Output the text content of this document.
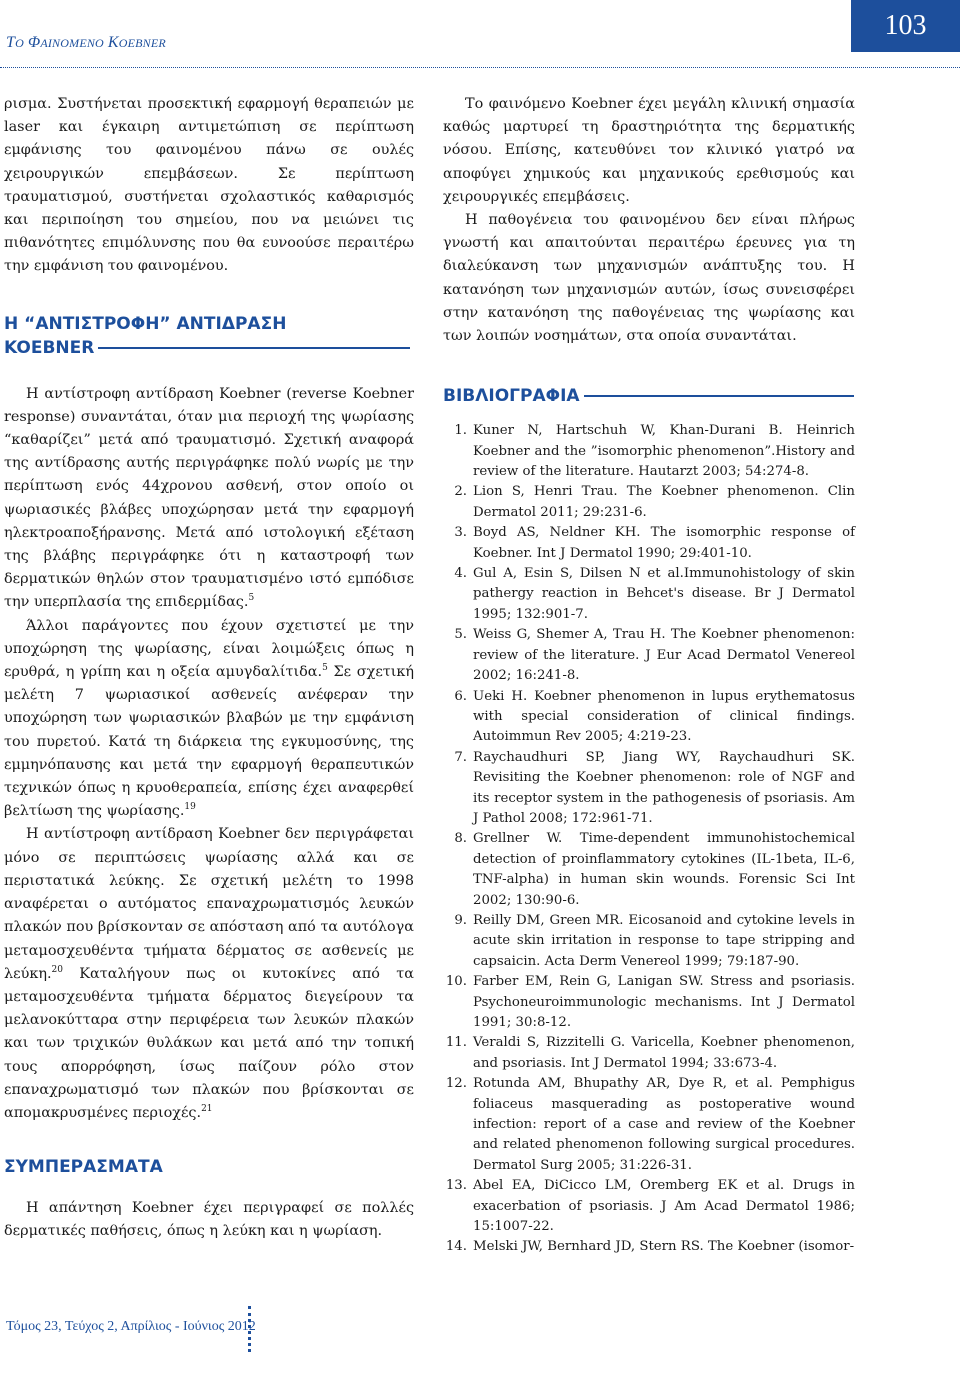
ΤΟ ΦΑΙΝΟΜΕΝΟ KOEBNER
103

ρισμα. Συστήνεται προσεκτική εφαρμογή θεραπειών με laser και έγκαιρη αντιμετώπιση σε περίπτωση εμφάνισης του φαινομένου πάνω σε ουλές χειρουργικών επεμβάσεων. Σε περίπτωση τραυματισμού, συστήνεται σχολαστικός καθαρισμός και περιποίηση του σημείου, που να μειώνει τις πιθανότητες επιμόλυνσης που θα ευνοούσε περαιτέρω την εμφάνιση του φαινομένου.

Η “ΑΝΤΙΣΤΡΟΦΗ” ΑΝΤΙΔΡΑΣΗ
KOEBNER

Η αντίστροφη αντίδραση Koebner (reverse Koebner response) συναντάται, όταν μια περιοχή της ψωρίασης “καθαρίζει” μετά από τραυματισμό. Σχετική αναφορά της αντίδρασης αυτής περιγράφηκε πολύ νωρίς με την περίπτωση ενός 44χρονου ασθενή, στον οποίο οι ψωριασικές βλάβες υποχώρησαν μετά την εφαρμογή ηλεκτροαποξήρανσης. Μετά από ιστολογική εξέταση της βλάβης περιγράφηκε ότι η καταστροφή των δερματικών θηλών στον τραυματισμένο ιστό εμπόδισε την υπερπλασία της επιδερμίδας.$^5$

Άλλοι παράγοντες που έχουν σχετιστεί με την υποχώρηση της ψωρίασης, είναι λοιμώξεις όπως η ερυθρά, η γρίπη και η οξεία αμυγδαλίτιδα.$^5$ Σε σχετική μελέτη 7 ψωριασικοί ασθενείς ανέφεραν την υποχώρηση των ψωριασικών βλαβών με την εμφάνιση του πυρετού. Κατά τη διάρκεια της εγκυμοσύνης, της εμμηνόπαυσης και μετά την εφαρμογή θεραπευτικών τεχνικών όπως η κρυοθεραπεία, επίσης έχει αναφερθεί βελτίωση της ψωρίασης.$^{19}$

Η αντίστροφη αντίδραση Koebner δεν περιγράφεται μόνο σε περιπτώσεις ψωρίασης αλλά και σε περιστατικά λεύκης. Σε σχετική μελέτη το 1998 αναφέρεται ο αυτόματος επαναχρωματισμός λευκών πλακών που βρίσκονταν σε απόσταση από τα αυτόλογα μεταμοσχευθέντα τμήματα δέρματος σε ασθενείς με λεύκη.$^{20}$ Καταλήγουν πως οι κυτοκίνες από τα μεταμοσχευθέντα τμήματα δέρματος διεγείρουν τα μελανοκύτταρα στην περιφέρεια των λευκών πλακών και των τριχικών θυλάκων και μετά από την τοπική τους απορρόφηση, ίσως παίζουν ρόλο στον επαναχρωματισμό των πλακών που βρίσκονται σε απομακρυσμένες περιοχές.$^{21}$

ΣΥΜΠΕΡΑΣΜΑΤΑ

Η απάντηση Koebner έχει περιγραφεί σε πολλές δερματικές παθήσεις, όπως η λεύκη και η ψωρίαση.

Το φαινόμενο Koebner έχει μεγάλη κλινική σημασία καθώς μαρτυρεί τη δραστηριότητα της δερματικής νόσου. Επίσης, κατευθύνει τον κλινικό γιατρό να αποφύγει χημικούς και μηχανικούς ερεθισμούς και χειρουργικές επεμβάσεις.

Η παθογένεια του φαινομένου δεν είναι πλήρως γνωστή και απαιτούνται περαιτέρω έρευνες για τη διαλεύκανση των μηχανισμών ανάπτυξης του. Η κατανόηση των μηχανισμών αυτών, ίσως συνεισφέρει στην κατανόηση της παθογένειας της ψωρίασης και των λοιπών νοσημάτων, στα οποία συναντάται.

ΒΙΒΛΙΟΓΡΑΦΙΑ
1. Kuner N, Hartschuh W, Khan-Durani B. Heinrich Koebner and the ”isomorphic phenomenon”.History and review of the literature. Hautarzt 2003; 54:274-8.
2. Lion S, Henri Trau. The Koebner phenomenon. Clin Dermatol 2011; 29:231-6.
3. Boyd AS, Neldner KH. The isomorphic response of Koebner. Int J Dermatol 1990; 29:401-10.
4. Gul A, Esin S, Dilsen N et al.Immunohistology of skin pathergy reaction in Behcet's disease. Br J Dermatol 1995; 132:901-7.
5. Weiss G, Shemer A, Trau H. The Koebner phenomenon: review of the literature. J Eur Acad Dermatol Venereol 2002; 16:241-8.
6. Ueki H. Koebner phenomenon in lupus erythematosus with special consideration of clinical findings. Autoimmun Rev 2005; 4:219-23.
7. Raychaudhuri SP, Jiang WY, Raychaudhuri SK. Revisiting the Koebner phenomenon: role of NGF and its receptor system in the pathogenesis of psoriasis. Am J Pathol 2008; 172:961-71.
8. Grellner W. Time-dependent immunohistochemical detection of proinflammatory cytokines (IL-1beta, IL-6, TNF-alpha) in human skin wounds. Forensic Sci Int 2002; 130:90-6.
9. Reilly DM, Green MR. Eicosanoid and cytokine levels in acute skin irritation in response to tape stripping and capsaicin. Acta Derm Venereol 1999; 79:187-90.
10. Farber EM, Rein G, Lanigan SW. Stress and psoriasis. Psychoneuroimmunologic mechanisms. Int J Dermatol 1991; 30:8-12.
11. Veraldi S, Rizzitelli G. Varicella, Koebner phenomenon, and psoriasis. Int J Dermatol 1994; 33:673-4.
12. Rotunda AM, Bhupathy AR, Dye R, et al. Pemphigus foliaceus masquerading as postoperative wound infection: report of a case and review of the Koebner and related phenomenon following surgical procedures. Dermatol Surg 2005; 31:226-31.
13. Abel EA, DiCicco LM, Oremberg EK et al. Drugs in exacerbation of psoriasis. J Am Acad Dermatol 1986; 15:1007-22.
14. Melski JW, Bernhard JD, Stern RS. The Koebner (isomor-
Τόμος 23, Τεύχος 2, Απρίλιος - Ιούνιος 2012
